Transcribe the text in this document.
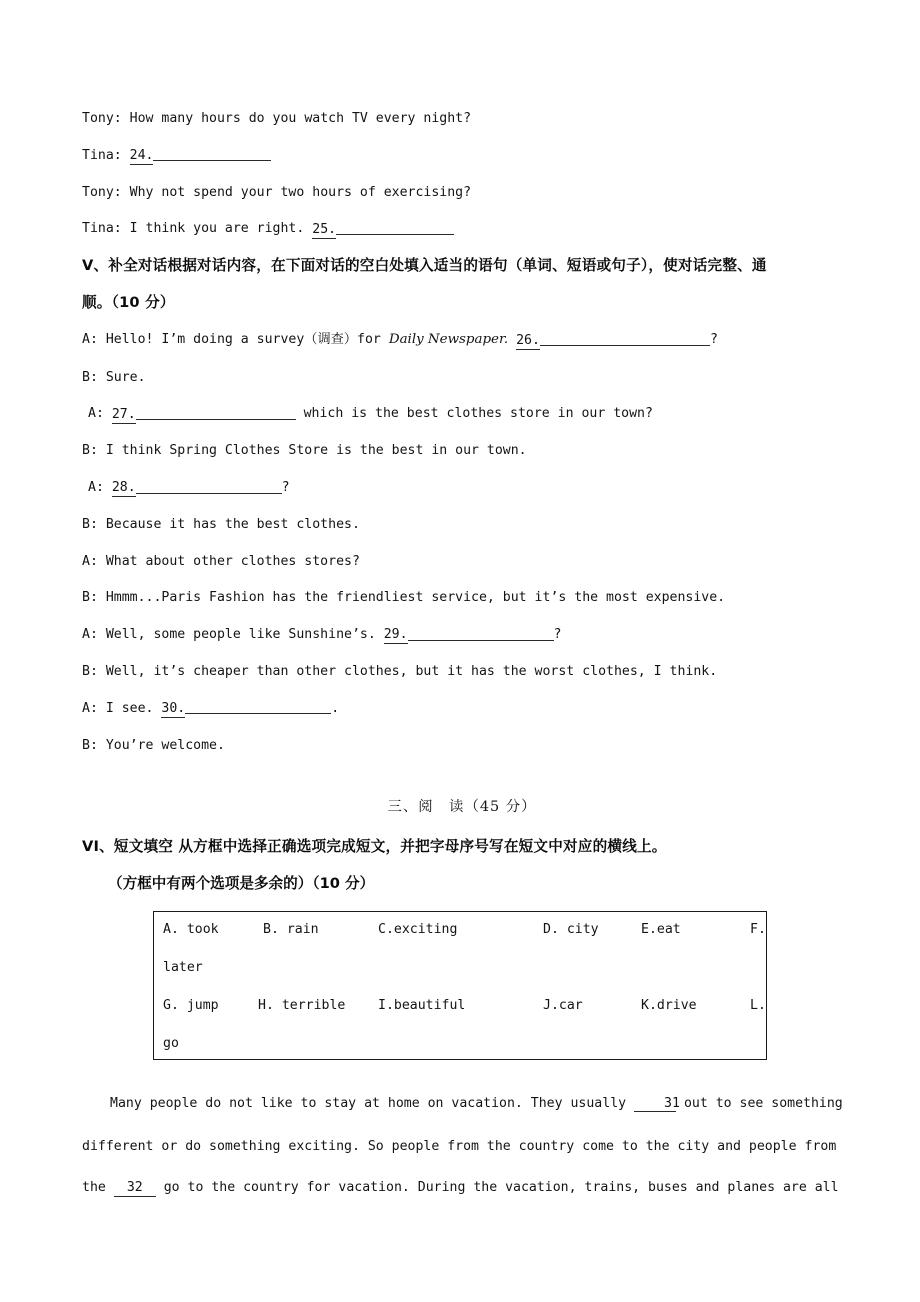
Tony: How many hours do you watch TV every night?

Tina: 24.

Tony: Why not spend your two hours of exercising?

Tina: I think you are right. 25.

V、补全对话根据对话内容，在下面对话的空白处填入适当的语句（单词、短语或句子），使对话完整、通
顺。（10 分）

A: Hello! I’m doing a survey（调查）for Daily Newspaper. 26.	?

B: Sure.

A: 27.	which is the best clothes store in our town?

B: I think Spring Clothes Store is the best in our town.

A: 28.	?

B: Because it has the best clothes.

A: What about other clothes stores?

B: Hmmm...Paris Fashion has the friendliest service, but it’s the most expensive.

A: Well, some people like Sunshine’s. 29.	?

B: Well, it’s cheaper than other clothes, but it has the worst clothes, I think.

A: I see. 30.	.

B: You’re welcome.

三、阅　读（45 分）

VI、短文填空 从方框中选择正确选项完成短文，并把字母序号写在短文中对应的横线上。

（方框中有两个选项是多余的）（10 分）

A. took	B. rain	C.exciting	D. city	E.eat	F.
later
G. jump	H. terrible I.beautiful	J.car	K.drive	L.
go

Many people do not like to stay at home on vacation. They usually 31 out to see something

different or do something exciting. So people from the country come to the city and people from

the 32 go to the country for vacation. During the vacation, trains, buses and planes are all
